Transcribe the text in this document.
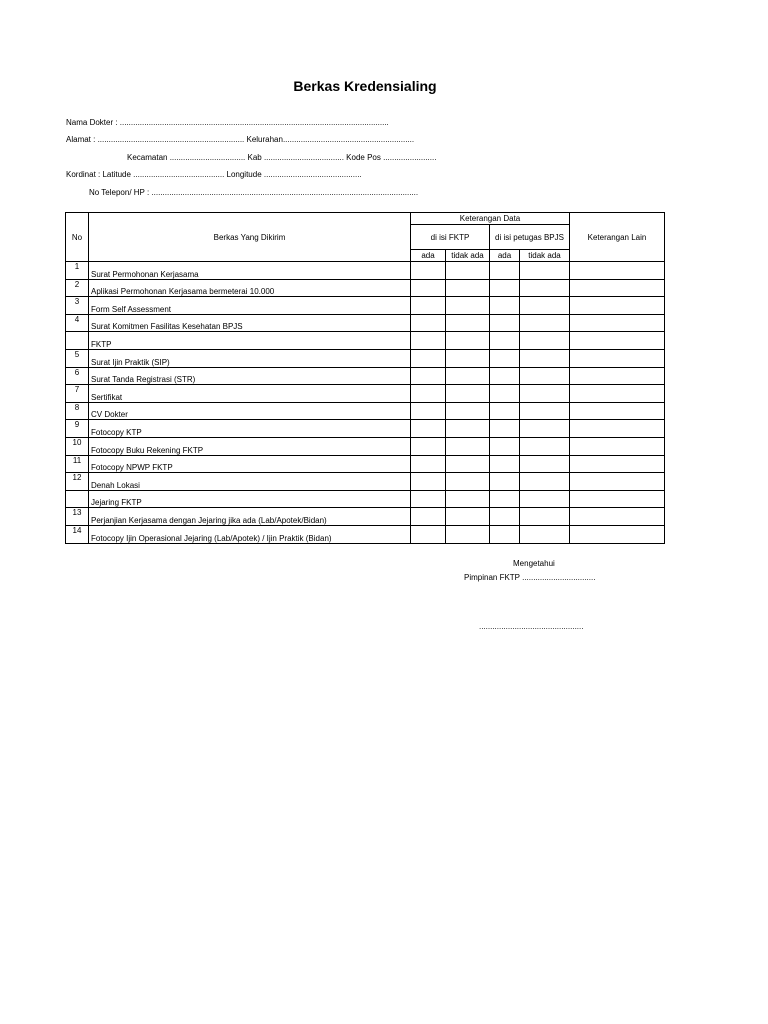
Berkas Kredensialing
Nama Dokter : .........................................................................................................................
Alamat : .................................................................. Kelurahan...........................................................
Kecamatan .................................. Kab .................................... Kode Pos ........................
Kordinat : Latitude ......................................... Longitude ............................................
No Telepon/ HP : ........................................................................................................................
No	Berkas Yang Dikirim	Keterangan Data				Keterangan Lain
		di isi FKTP		di isi petugas BPJS		
		ada	tidak ada	ada	tidak ada	
1	Surat Permohonan Kerjasama					
2	Aplikasi Permohonan Kerjasama bermeterai 10.000					
3	Form Self Assessment					
4	Surat Komitmen Fasilitas Kesehatan BPJS					
	FKTP					
5	Surat Ijin Praktik (SIP)					
6	Surat Tanda Registrasi (STR)					
7	Sertifikat					
8	CV Dokter					
9	Fotocopy KTP					
10	Fotocopy Buku Rekening FKTP					
11	Fotocopy NPWP FKTP					
12	Denah Lokasi					
	Jejaring FKTP					
13	Perjanjian Kerjasama dengan Jejaring jika ada (Lab/Apotek/Bidan)					
14	Fotocopy Ijin Operasional Jejaring (Lab/Apotek) / Ijin Praktik (Bidan)					
Mengetahui
Pimpinan FKTP .................................
...............................................
